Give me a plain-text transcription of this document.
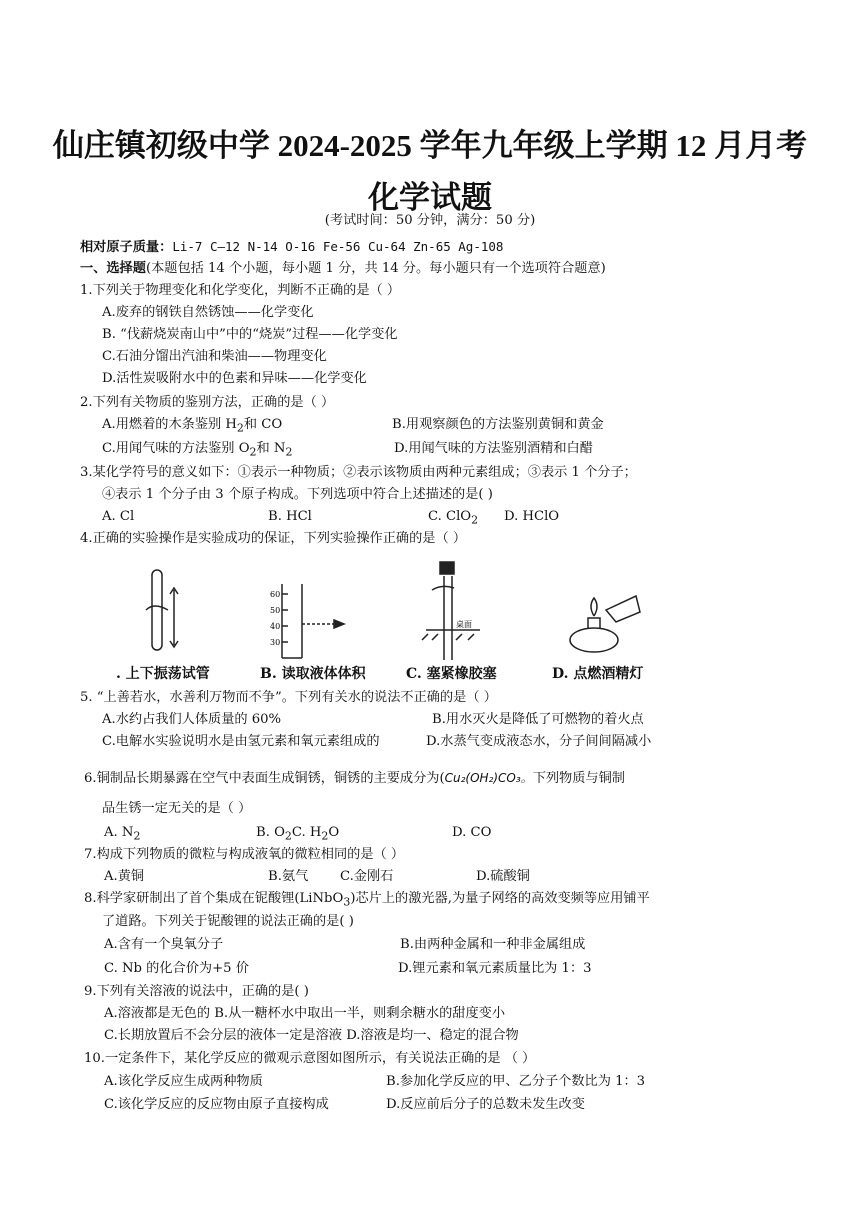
仙庄镇初级中学 2024-2025 学年九年级上学期 12 月月考
化学试题
(考试时间：50 分钟，满分：50 分)
相对原子质量：Li-7 C—12 N-14 O-16 Fe-56 Cu-64 Zn-65 Ag-108
一、选择题(本题包括 14 个小题，每小题 1 分，共 14 分。每小题只有一个选项符合题意)
1.下列关于物理变化和化学变化，判断不正确的是（ ）
A.废弃的钢铁自然锈蚀——化学变化
B. “伐薪烧炭南山中”中的“烧炭”过程——化学变化
C.石油分馏出汽油和柴油——物理变化
D.活性炭吸附水中的色素和异味——化学变化
2.下列有关物质的鉴别方法，正确的是（ ）
A.用燃着的木条鉴别 $H_2$和 CO	B.用观察颜色的方法鉴别黄铜和黄金
C.用闻气味的方法鉴别 $O_2$和 $N_2$	D.用闻气味的方法鉴别酒精和白醋
3.某化学符号的意义如下：①表示一种物质；②表示该物质由两种元素组成；③表示 1 个分子；
④表示 1 个分子由 3 个原子构成。下列选项中符合上述描述的是( )
A. Cl	B. HCl	C. ClO$_2$ D. HClO
4.正确的实验操作是实验成功的保证，下列实验操作正确的是（ ）
60
50
40
30
桌面
. 上下振荡试管	B. 读取液体体积	C. 塞紧橡胶塞	D. 点燃酒精灯
5. “上善若水，水善利万物而不争”。下列有关水的说法不正确的是（ ）
A.水约占我们人体质量的 60%	B.用水灭火是降低了可燃物的着火点
C.电解水实验说明水是由氢元素和氧元素组成的	D.水蒸气变成液态水，分子间间隔减小
6.铜制品长期暴露在空气中表面生成铜锈，铜锈的主要成分为(Cu₂(OH₂)CO₃。下列物质与铜制
品生锈一定无关的是（ ）
A. $N_2$	B. $O_2C$. $H_2O$	D. CO
7.构成下列物质的微粒与构成液氧的微粒相同的是（ ）
A.黄铜	B.氨气 C.金刚石	D.硫酸铜
8.科学家研制出了首个集成在铌酸锂(LiNbO$_3$)芯片上的激光器,为量子网络的高效变频等应用铺平
了道路。下列关于铌酸锂的说法正确的是( )
A.含有一个臭氧分子	B.由两种金属和一种非金属组成
C. Nb 的化合价为+5 价	D.锂元素和氧元素质量比为 1：3
9.下列有关溶液的说法中，正确的是( )
A.溶液都是无色的 B.从一糖杯水中取出一半，则剩余糖水的甜度变小
C.长期放置后不会分层的液体一定是溶液 D.溶液是均一、稳定的混合物
10.一定条件下，某化学反应的微观示意图如图所示，有关说法正确的是 （ ）
A.该化学反应生成两种物质	B.参加化学反应的甲、乙分子个数比为 1：3
C.该化学反应的反应物由原子直接构成	D.反应前后分子的总数未发生改变
